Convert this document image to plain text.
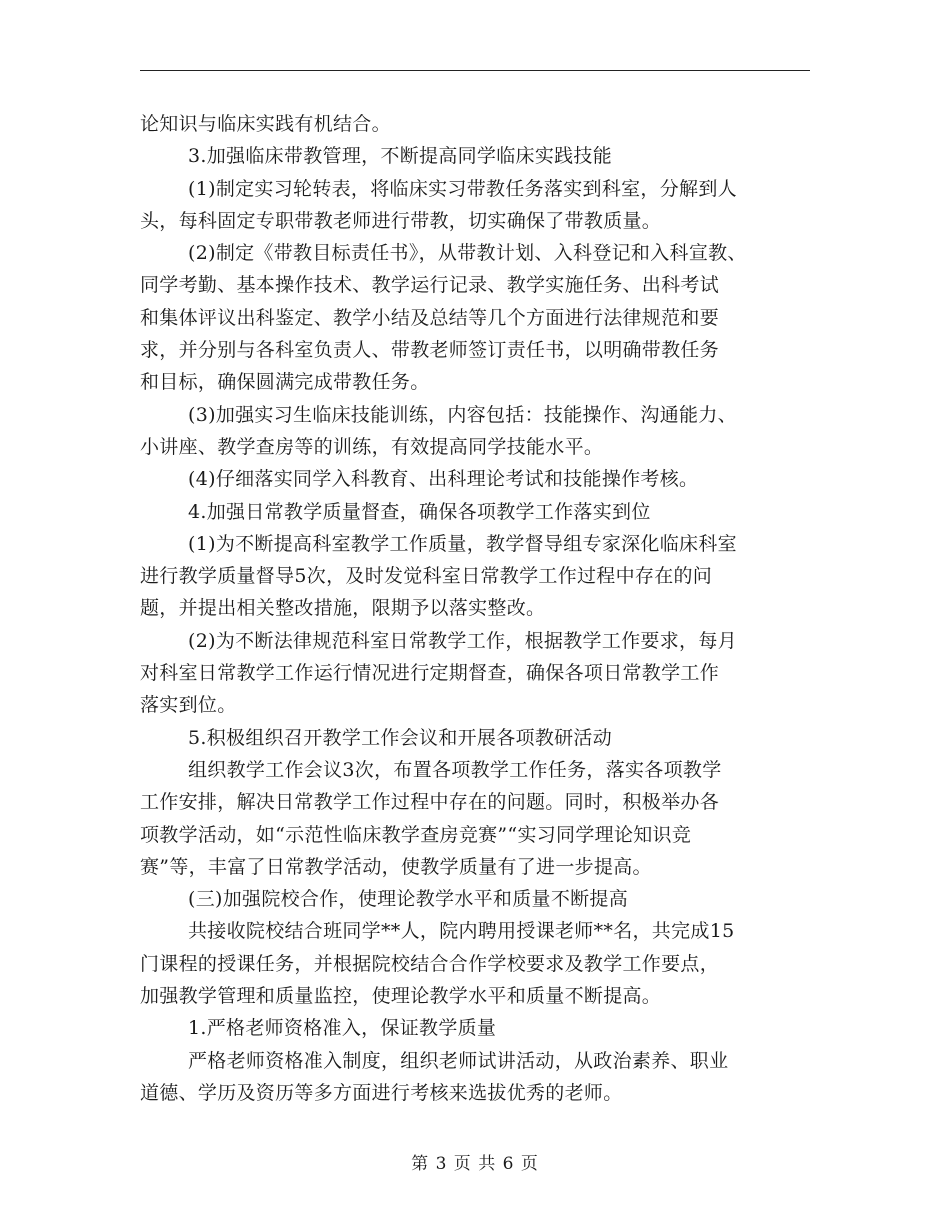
论知识与临床实践有机结合。
3.加强临床带教管理，不断提高同学临床实践技能
(1)制定实习轮转表，将临床实习带教任务落实到科室，分解到人
头，每科固定专职带教老师进行带教，切实确保了带教质量。
(2)制定《带教目标责任书》，从带教计划、入科登记和入科宣教、
同学考勤、基本操作技术、教学运行记录、教学实施任务、出科考试
和集体评议出科鉴定、教学小结及总结等几个方面进行法律规范和要
求，并分别与各科室负责人、带教老师签订责任书，以明确带教任务
和目标，确保圆满完成带教任务。
(3)加强实习生临床技能训练，内容包括：技能操作、沟通能力、
小讲座、教学查房等的训练，有效提高同学技能水平。
(4)仔细落实同学入科教育、出科理论考试和技能操作考核。
4.加强日常教学质量督查，确保各项教学工作落实到位
(1)为不断提高科室教学工作质量，教学督导组专家深化临床科室
进行教学质量督导5次，及时发觉科室日常教学工作过程中存在的问
题，并提出相关整改措施，限期予以落实整改。
(2)为不断法律规范科室日常教学工作，根据教学工作要求，每月
对科室日常教学工作运行情况进行定期督查，确保各项日常教学工作
落实到位。
5.积极组织召开教学工作会议和开展各项教研活动
组织教学工作会议3次，布置各项教学工作任务，落实各项教学
工作安排，解决日常教学工作过程中存在的问题。同时，积极举办各
项教学活动，如“示范性临床教学查房竞赛”“实习同学理论知识竞
赛”等，丰富了日常教学活动，使教学质量有了进一步提高。
(三)加强院校合作，使理论教学水平和质量不断提高
共接收院校结合班同学**人，院内聘用授课老师**名，共完成15
门课程的授课任务，并根据院校结合合作学校要求及教学工作要点，
加强教学管理和质量监控，使理论教学水平和质量不断提高。
1.严格老师资格准入，保证教学质量
严格老师资格准入制度，组织老师试讲活动，从政治素养、职业
道德、学历及资历等多方面进行考核来选拔优秀的老师。
第 3 页 共 6 页
